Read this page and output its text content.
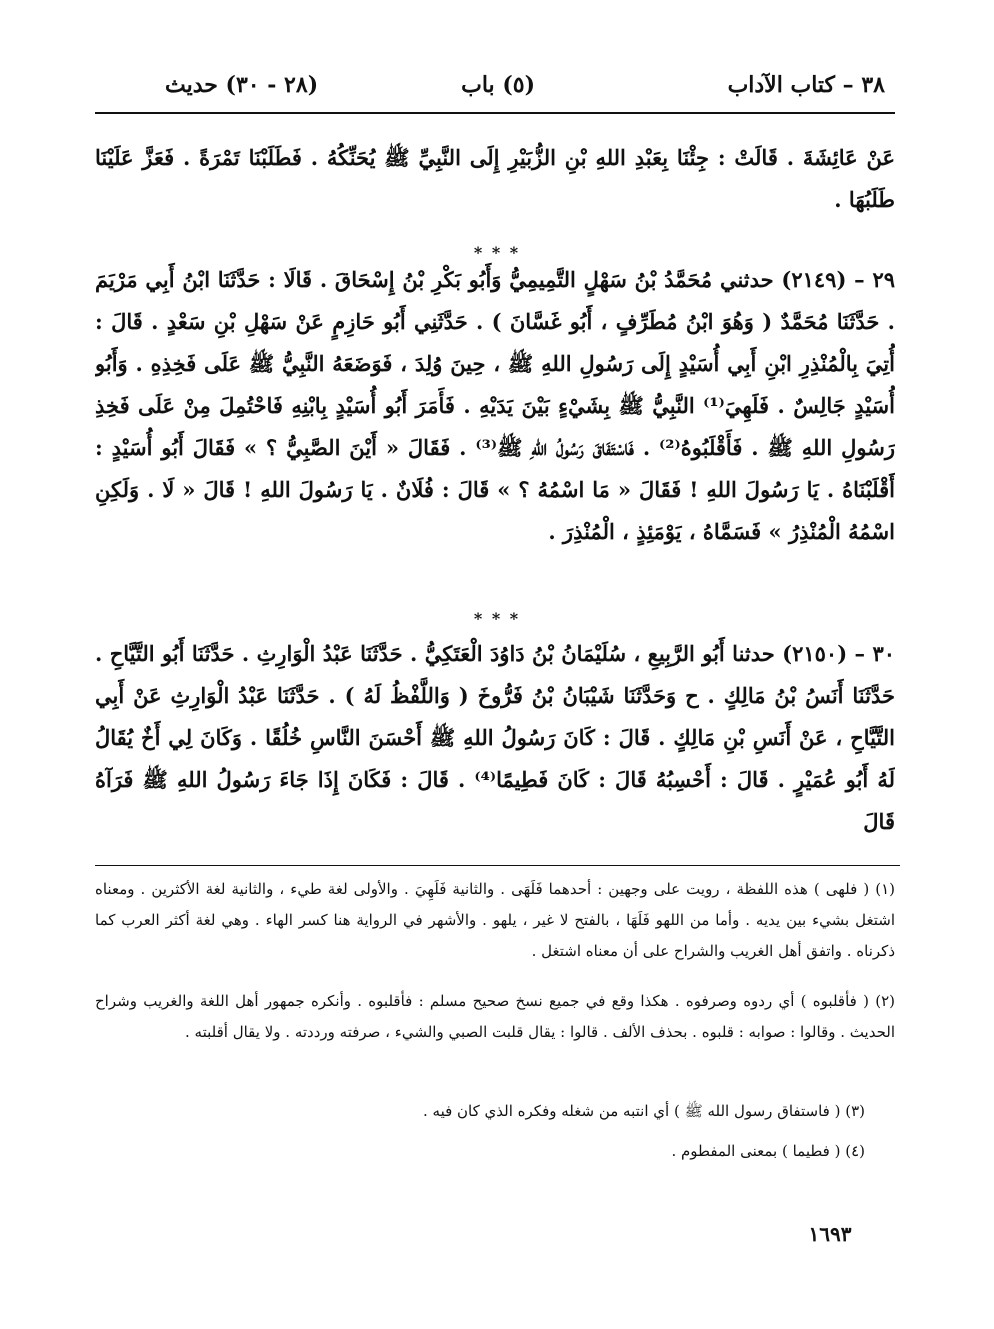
٣٨ – كتاب الآداب
(٥) باب
(٢٨ - ٣٠) حديث
عَنْ عَائِشَةَ . قَالَتْ : جِئْنَا بِعَبْدِ اللهِ بْنِ الزُّبَيْرِ إِلَى النَّبِيِّ ﷺ يُحَنِّكُهُ . فَطَلَبْنَا تَمْرَةً . فَعَزَّ عَلَيْنَا طَلَبُهَا .
* * *
٢٩ – (٢١٤٩) حدثني مُحَمَّدُ بْنُ سَهْلٍ التَّمِيمِيُّ وَأَبُو بَكْرِ بْنُ إِسْحَاقَ . قَالَا : حَدَّثَنَا ابْنُ أَبِي مَرْيَمَ . حَدَّثَنَا مُحَمَّدٌ ( وَهُوَ ابْنُ مُطَرِّفٍ ، أَبُو غَسَّانَ ) . حَدَّثَنِي أَبُو حَازِمٍ عَنْ سَهْلِ بْنِ سَعْدٍ . قَالَ : أُتِيَ بِالْمُنْذِرِ ابْنِ أَبِي أُسَيْدٍ إِلَى رَسُولِ اللهِ ﷺ ، حِينَ وُلِدَ ، فَوَضَعَهُ النَّبِيُّ ﷺ عَلَى فَخِذِهِ . وَأَبُو أُسَيْدٍ جَالِسٌ . فَلَهِيَ⁽¹⁾ النَّبِيُّ ﷺ بِشَيْءٍ بَيْنَ يَدَيْهِ . فَأَمَرَ أَبُو أُسَيْدٍ بِابْنِهِ فَاحْتُمِلَ مِنْ عَلَى فَخِذِ رَسُولِ اللهِ ﷺ . فَأَقْلَبُوهُ⁽²⁾ . فَاسْتَفَاقَ رَسُولُ اللهِ ﷺ⁽³⁾ . فَقَالَ « أَيْنَ الصَّبِيُّ ؟ » فَقَالَ أَبُو أُسَيْدٍ : أَقْلَبْنَاهُ . يَا رَسُولَ اللهِ ! فَقَالَ « مَا اسْمُهُ ؟ » قَالَ : فُلَانٌ . يَا رَسُولَ اللهِ ! قَالَ « لَا . وَلَكِنِ اسْمُهُ الْمُنْذِرُ » فَسَمَّاهُ ، يَوْمَئِذٍ ، الْمُنْذِرَ .
* * *
٣٠ – (٢١٥٠) حدثنا أَبُو الرَّبِيعِ ، سُلَيْمَانُ بْنُ دَاوُدَ الْعَتَكِيُّ . حَدَّثَنَا عَبْدُ الْوَارِثِ . حَدَّثَنَا أَبُو التَّيَّاحِ . حَدَّثَنَا أَنَسُ بْنُ مَالِكٍ . ح وَحَدَّثَنَا شَيْبَانُ بْنُ فَرُّوخَ ( وَاللَّفْظُ لَهُ ) . حَدَّثَنَا عَبْدُ الْوَارِثِ عَنْ أَبِي التَّيَّاحِ ، عَنْ أَنَسِ بْنِ مَالِكٍ . قَالَ : كَانَ رَسُولُ اللهِ ﷺ أَحْسَنَ النَّاسِ خُلُقًا . وَكَانَ لِي أَخٌ يُقَالُ لَهُ أَبُو عُمَيْرٍ . قَالَ : أَحْسِبُهُ قَالَ : كَانَ فَطِيمًا⁽⁴⁾ . قَالَ : فَكَانَ إِذَا جَاءَ رَسُولُ اللهِ ﷺ فَرَآهُ قَالَ
(١) ( فلهى ) هذه اللفظة ، رويت على وجهين : أحدهما فَلَهَى . والثانية فَلَهِيَ . والأولى لغة طيء ، والثانية لغة الأكثرين . ومعناه اشتغل بشيء بين يديه . وأما من اللهو فَلَهَا ، بالفتح لا غير ، يلهو . والأشهر في الرواية هنا كسر الهاء . وهي لغة أكثر العرب كما ذكرناه . واتفق أهل الغريب والشراح على أن معناه اشتغل .
(٢) ( فأقلبوه ) أي ردوه وصرفوه . هكذا وقع في جميع نسخ صحيح مسلم : فأقلبوه . وأنكره جمهور أهل اللغة والغريب وشراح الحديث . وقالوا : صوابه : قلبوه . بحذف الألف . قالوا : يقال قلبت الصبي والشيء ، صرفته ورددته . ولا يقال أقلبته .
(٣) ( فاستفاق رسول الله ﷺ ) أي انتبه من شغله وفكره الذي كان فيه .
(٤) ( فطيما ) بمعنى المفطوم .
١٦٩٣
